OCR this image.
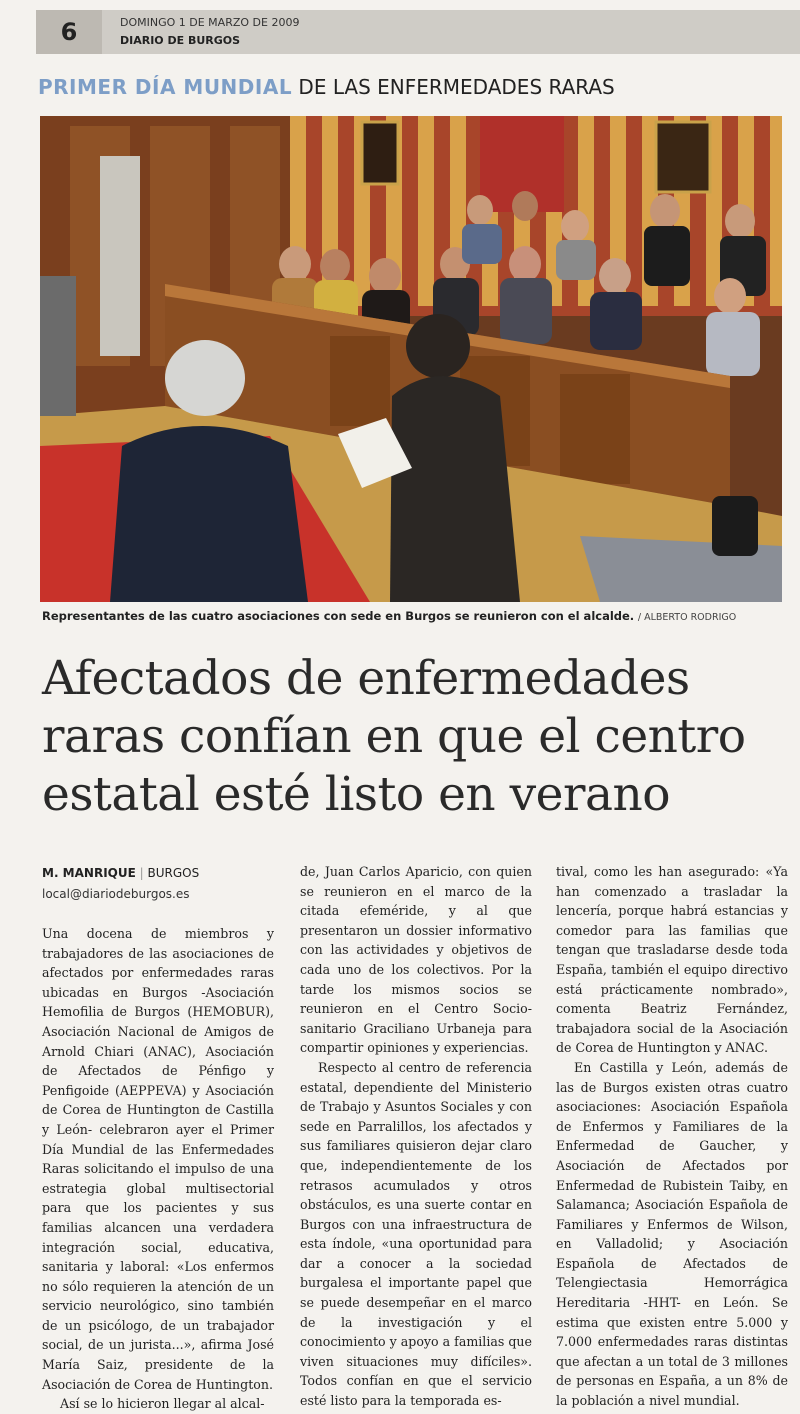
6	DOMINGO 1 DE MARZO DE 2009
DIARIO DE BURGOS
PRIMER DÍA MUNDIAL DE LAS ENFERMEDADES RARAS
Representantes de las cuatro asociaciones con sede en Burgos se reunieron con el alcalde. / ALBERTO RODRIGO
Afectados de enfermedades raras confían en que el centro estatal esté listo en verano
M. MANRIQUE | BURGOS
local@diariodeburgos.es

Una docena de miembros y trabajadores de las asociaciones de afectados por enfermedades raras ubicadas en Burgos -Asociación Hemofilia de Burgos (HEMOBUR), Asociación Nacional de Amigos de Arnold Chiari (ANAC), Asociación de Afectados de Pénfigo y Penfigoide (AEPPEVA) y Asociación de Corea de Huntington de Castilla y León- celebraron ayer el Primer Día Mundial de las Enfermedades Raras solicitando el impulso de una estrategia global multisectorial para que los pacientes y sus familias alcancen una verdadera integración social, educativa, sanitaria y laboral: «Los enfermos no sólo requieren la atención de un servicio neurológico, sino también de un psicólogo, de un trabajador social, de un jurista...», afirma José María Saiz, presidente de la Asociación de Corea de Huntington.

Así se lo hicieron llegar al alcal-

de, Juan Carlos Aparicio, con quien se reunieron en el marco de la citada efeméride, y al que presentaron un dossier informativo con las actividades y objetivos de cada uno de los colectivos. Por la tarde los mismos socios se reunieron en el Centro Socio-sanitario Graciliano Urbaneja para compartir opiniones y experiencias.

Respecto al centro de referencia estatal, dependiente del Ministerio de Trabajo y Asuntos Sociales y con sede en Parralillos, los afectados y sus familiares quisieron dejar claro que, independientemente de los retrasos acumulados y otros obstáculos, es una suerte contar en Burgos con una infraestructura de esta índole, «una oportunidad para dar a conocer a la sociedad burgalesa el importante papel que se puede desempeñar en el marco de la investigación y el conocimiento y apoyo a familias que viven situaciones muy difíciles». Todos confían en que el servicio esté listo para la temporada es-

tival, como les han asegurado: «Ya han comenzado a trasladar la lencería, porque habrá estancias y comedor para las familias que tengan que trasladarse desde toda España, también el equipo directivo está prácticamente nombrado», comenta Beatriz Fernández, trabajadora social de la Asociación de Corea de Huntington y ANAC.

En Castilla y León, además de las de Burgos existen otras cuatro asociaciones: Asociación Española de Enfermos y Familiares de la Enfermedad de Gaucher, y Asociación de Afectados por Enfermedad de Rubistein Taiby, en Salamanca; Asociación Española de Familiares y Enfermos de Wilson, en Valladolid; y Asociación Española de Afectados de Telengiectasia Hemorrágica Hereditaria -HHT- en León. Se estima que existen entre 5.000 y 7.000 enfermedades raras distintas que afectan a un total de 3 millones de personas en España, a un 8% de la población a nivel mundial.
